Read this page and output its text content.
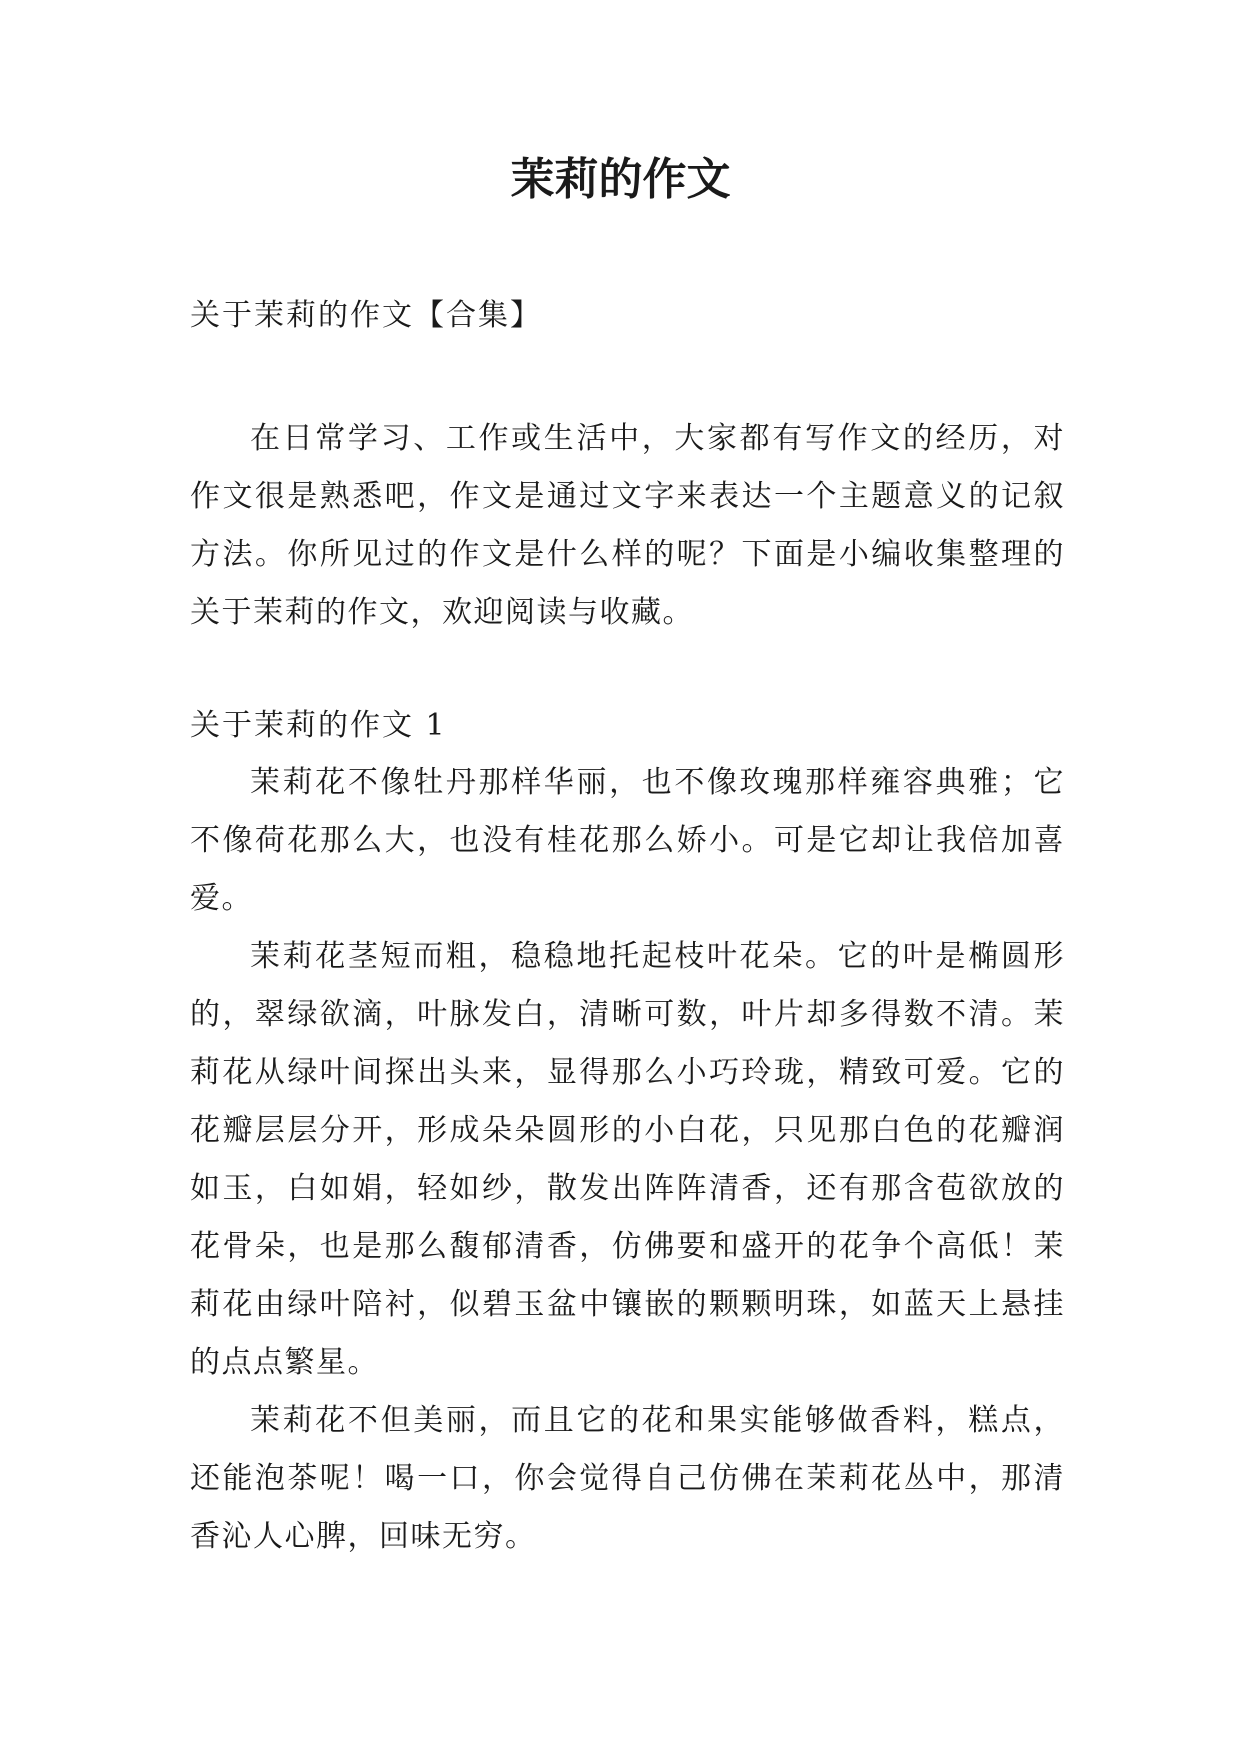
茉莉的作文

关于茉莉的作文【合集】

在日常学习、工作或生活中，大家都有写作文的经历，对作文很是熟悉吧，作文是通过文字来表达一个主题意义的记叙方法。你所见过的作文是什么样的呢？下面是小编收集整理的关于茉莉的作文，欢迎阅读与收藏。

关于茉莉的作文 1

茉莉花不像牡丹那样华丽，也不像玫瑰那样雍容典雅；它不像荷花那么大，也没有桂花那么娇小。可是它却让我倍加喜爱。

茉莉花茎短而粗，稳稳地托起枝叶花朵。它的叶是椭圆形的，翠绿欲滴，叶脉发白，清晰可数，叶片却多得数不清。茉莉花从绿叶间探出头来，显得那么小巧玲珑，精致可爱。它的花瓣层层分开，形成朵朵圆形的小白花，只见那白色的花瓣润如玉，白如娟，轻如纱，散发出阵阵清香，还有那含苞欲放的花骨朵，也是那么馥郁清香，仿佛要和盛开的花争个高低！茉莉花由绿叶陪衬，似碧玉盆中镶嵌的颗颗明珠，如蓝天上悬挂的点点繁星。

茉莉花不但美丽，而且它的花和果实能够做香料，糕点，还能泡茶呢！喝一口，你会觉得自己仿佛在茉莉花丛中，那清香沁人心脾，回味无穷。
